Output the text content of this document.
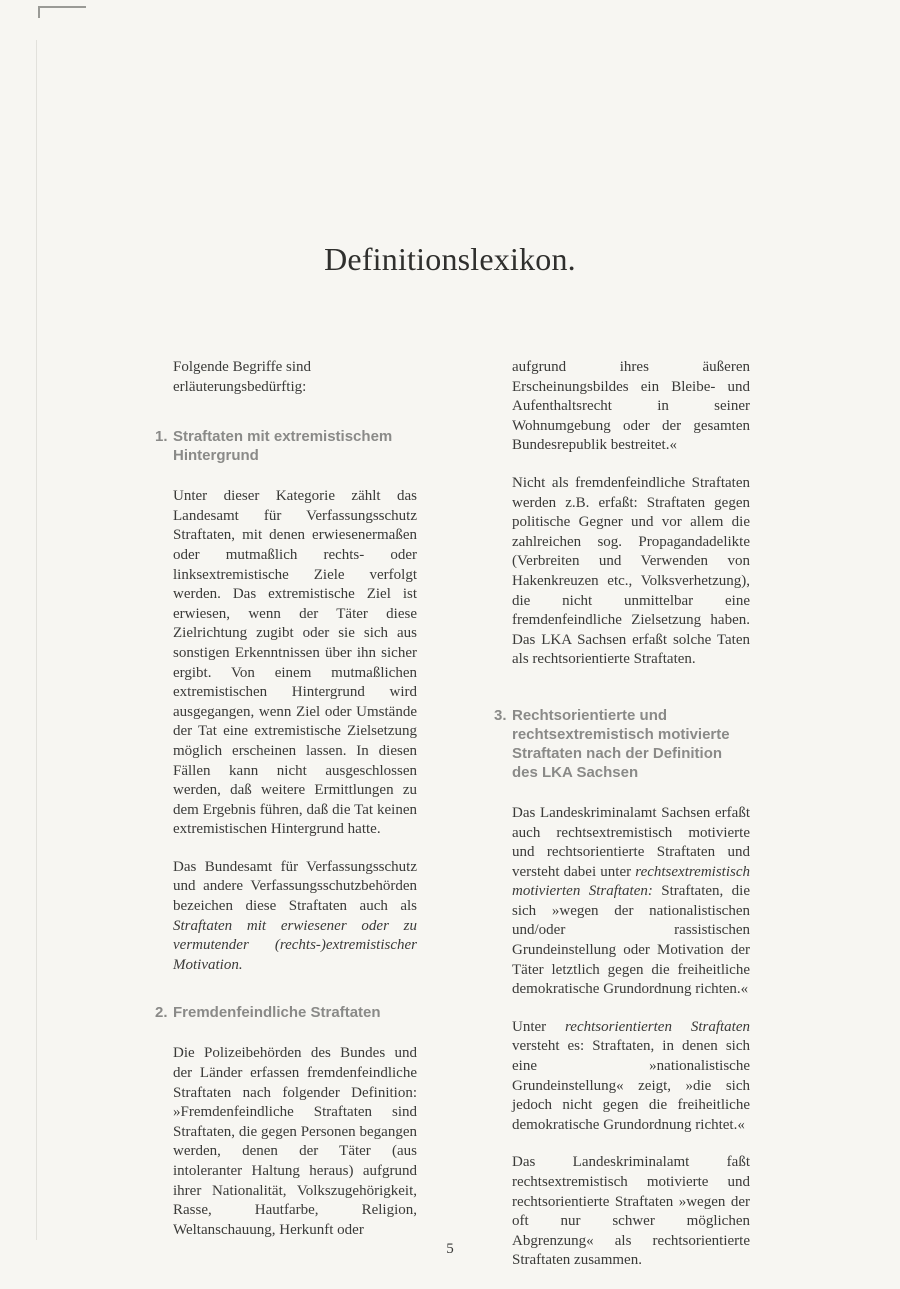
Definitionslexikon.

Folgende Begriffe sind erläuterungsbedürftig:

1. Straftaten mit extremistischem Hintergrund

Unter dieser Kategorie zählt das Landesamt für Verfassungsschutz Straftaten, mit denen erwiesenermaßen oder mutmaßlich rechts- oder linksextremistische Ziele verfolgt werden. Das extremistische Ziel ist erwiesen, wenn der Täter diese Zielrichtung zugibt oder sie sich aus sonstigen Erkenntnissen über ihn sicher ergibt. Von einem mutmaßlichen extremistischen Hintergrund wird ausgegangen, wenn Ziel oder Umstände der Tat eine extremistische Zielsetzung möglich erscheinen lassen. In diesen Fällen kann nicht ausgeschlossen werden, daß weitere Ermittlungen zu dem Ergebnis führen, daß die Tat keinen extremistischen Hintergrund hatte.

Das Bundesamt für Verfassungsschutz und andere Verfassungsschutzbehörden bezeichen diese Straftaten auch als Straftaten mit erwiesener oder zu vermutender (rechts-)extremistischer Motivation.

2. Fremdenfeindliche Straftaten

Die Polizeibehörden des Bundes und der Länder erfassen fremdenfeindliche Straftaten nach folgender Definition: »Fremdenfeindliche Straftaten sind Straftaten, die gegen Personen begangen werden, denen der Täter (aus intoleranter Haltung heraus) aufgrund ihrer Nationalität, Volkszugehörigkeit, Rasse, Hautfarbe, Religion, Weltanschauung, Herkunft oder

aufgrund ihres äußeren Erscheinungsbildes ein Bleibe- und Aufenthaltsrecht in seiner Wohnumgebung oder der gesamten Bundesrepublik bestreitet.«

Nicht als fremdenfeindliche Straftaten werden z.B. erfaßt: Straftaten gegen politische Gegner und vor allem die zahlreichen sog. Propagandadelikte (Verbreiten und Verwenden von Hakenkreuzen etc., Volksverhetzung), die nicht unmittelbar eine fremdenfeindliche Zielsetzung haben. Das LKA Sachsen erfaßt solche Taten als rechtsorientierte Straftaten.

3. Rechtsorientierte und rechtsextremistisch motivierte Straftaten nach der Definition des LKA Sachsen

Das Landeskriminalamt Sachsen erfaßt auch rechtsextremistisch motivierte und rechtsorientierte Straftaten und versteht dabei unter rechtsextremistisch motivierten Straftaten: Straftaten, die sich »wegen der nationalistischen und/oder rassistischen Grundeinstellung oder Motivation der Täter letztlich gegen die freiheitliche demokratische Grundordnung richten.«

Unter rechtsorientierten Straftaten versteht es: Straftaten, in denen sich eine »nationalistische Grundeinstellung« zeigt, »die sich jedoch nicht gegen die freiheitliche demokratische Grundordnung richtet.«

Das Landeskriminalamt faßt rechtsextremistisch motivierte und rechtsorientierte Straftaten »wegen der oft nur schwer möglichen Abgrenzung« als rechtsorientierte Straftaten zusammen.

5
